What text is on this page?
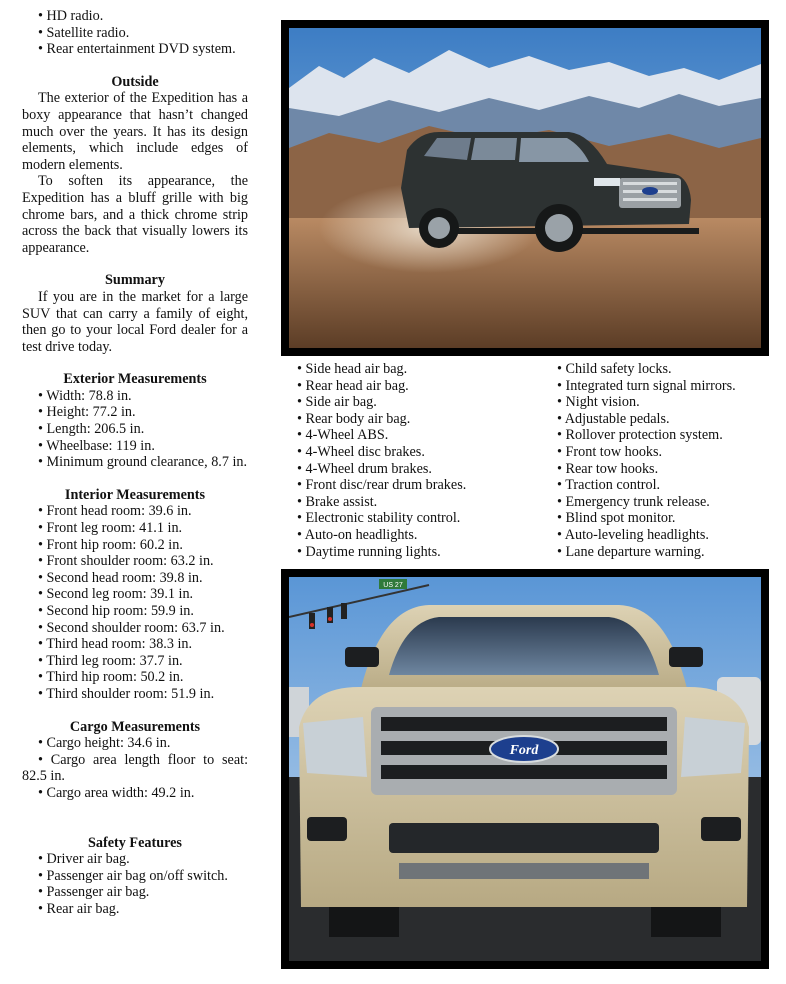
• HD radio.
• Satellite radio.
• Rear entertainment DVD system.
Outside

The exterior of the Expedition has a boxy appearance that hasn’t changed much over the years. It has its design elements, which include edges of modern elements.

To soften its appearance, the Expedition has a bluff grille with big chrome bars, and a thick chrome strip across the back that visually lowers its appearance.

Summary

If you are in the market for a large SUV that can carry a family of eight, then go to your local Ford dealer for a test drive today.

Exterior Measurements
• Width: 78.8 in.
• Height: 77.2 in.
• Length: 206.5 in.
• Wheelbase: 119 in.
• Minimum ground clearance, 8.7 in.
Interior Measurements
• Front head room: 39.6 in.
• Front leg room: 41.1 in.
• Front hip room: 60.2 in.
• Front shoulder room: 63.2 in.
• Second head room: 39.8 in.
• Second leg room: 39.1 in.
• Second hip room: 59.9 in.
• Second shoulder room: 63.7 in.
• Third head room: 38.3 in.
• Third leg room: 37.7 in.
• Third hip room: 50.2 in.
• Third shoulder room: 51.9 in.
Cargo Measurements
• Cargo height: 34.6 in.
• Cargo area length floor to seat: 82.5 in.
• Cargo area width: 49.2 in.
Safety Features
• Driver air bag.
• Passenger air bag on/off switch.
• Passenger air bag.
• Rear air bag.
• Side head air bag.
• Rear head air bag.
• Side air bag.
• Rear body air bag.
• 4-Wheel ABS.
• 4-Wheel disc brakes.
• 4-Wheel drum brakes.
• Front disc/rear drum brakes.
• Brake assist.
• Electronic stability control.
• Auto-on headlights.
• Daytime running lights.
• Child safety locks.
• Integrated turn signal mirrors.
• Night vision.
• Adjustable pedals.
• Rollover protection system.
• Front tow hooks.
• Rear tow hooks.
• Traction control.
• Emergency trunk release.
• Blind spot monitor.
• Auto-leveling headlights.
• Lane departure warning.
US 27
Ford
